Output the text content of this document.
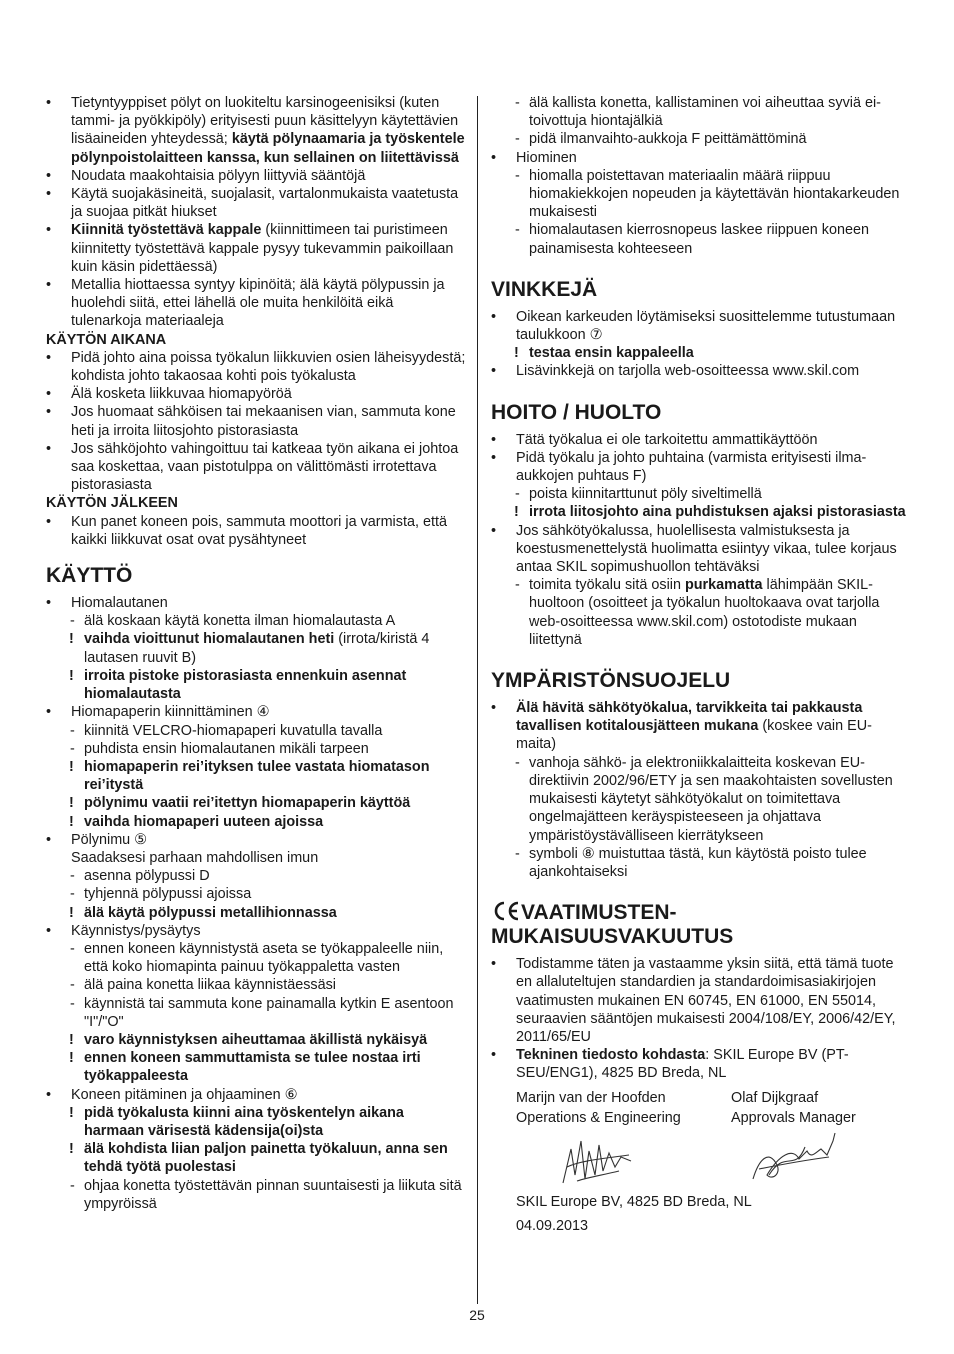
• Tietyntyyppiset pölyt on luokiteltu karsinogeenisiksi (kuten tammi- ja pyökkipöly) erityisesti puun käsittelyyn käytettävien lisäaineiden yhteydessä; käytä pölynaamaria ja työskentele pölynpoistolaitteen kanssa, kun sellainen on liitettävissä
• Noudata maakohtaisia pölyyn liittyviä sääntöjä
• Käytä suojakäsineitä, suojalasit, vartalonmukaista vaatetusta ja suojaa pitkät hiukset
• Kiinnitä työstettävä kappale (kiinnittimeen tai puristimeen kiinnitetty työstettävä kappale pysyy tukevammin paikoillaan kuin käsin pidettäessä)
• Metallia hiottaessa syntyy kipinöitä; älä käytä pölypussin ja huolehdi siitä, ettei lähellä ole muita henkilöitä eikä tulenarkoja materiaaleja
KÄYTÖN AIKANA
• Pidä johto aina poissa työkalun liikkuvien osien läheisyydestä; kohdista johto takaosaa kohti pois työkalusta
• Älä kosketa liikkuvaa hiomapyöröä
• Jos huomaat sähköisen tai mekaanisen vian, sammuta kone heti ja irroita liitosjohto pistorasiasta
• Jos sähköjohto vahingoittuu tai katkeaa työn aikana ei johtoa saa koskettaa, vaan pistotulppa on välittömästi irrotettava pistorasiasta
KÄYTÖN JÄLKEEN
• Kun panet koneen pois, sammuta moottori ja varmista, että kaikki liikkuvat osat ovat pysähtyneet
KÄYTTÖ
• Hiomalautanen
- älä koskaan käytä konetta ilman hiomalautasta A
! vaihda vioittunut hiomalautanen heti (irrota/kiristä 4 lautasen ruuvit B)
! irroita pistoke pistorasiasta ennenkuin asennat hiomalautasta
• Hiomapaperin kiinnittäminen ④
- kiinnitä VELCRO-hiomapaperi kuvatulla tavalla
- puhdista ensin hiomalautanen mikäli tarpeen
! hiomapaperin rei’ityksen tulee vastata hiomatason rei’itystä
! pölynimu vaatii rei’itettyn hiomapaperin käyttöä
! vaihda hiomapaperi uuteen ajoissa
• Pölynimu ⑤
Saadaksesi parhaan mahdollisen imun
- asenna pölypussi D
- tyhjennä pölypussi ajoissa
! älä käytä pölypussi metallihionnassa
• Käynnistys/pysäytys
- ennen koneen käynnistystä aseta se työkappaleelle niin, että koko hiomapinta painuu työkappaletta vasten
- älä paina konetta liikaa käynnistäessäsi
- käynnistä tai sammuta kone painamalla kytkin E asentoon "I"/"O"
! varo käynnistyksen aiheuttamaa äkillistä nykäisyä
! ennen koneen sammuttamista se tulee nostaa irti työkappaleesta
• Koneen pitäminen ja ohjaaminen ⑥
! pidä työkalusta kiinni aina työskentelyn aikana harmaan värisestä kädensija(oi)sta
! älä kohdista liian paljon painetta työkaluun, anna sen tehdä työtä puolestasi
- ohjaa konetta työstettävän pinnan suuntaisesti ja liikuta sitä ympyröissä
- älä kallista konetta, kallistaminen voi aiheuttaa syviä ei-toivottuja hiontajälkiä
- pidä ilmanvaihto-aukkoja F peittämättöminä
• Hiominen
- hiomalla poistettavan materiaalin määrä riippuu hiomakiekkojen nopeuden ja käytettävän hiontakarkeuden mukaisesti
- hiomalautasen kierrosnopeus laskee riippuen koneen painamisesta kohteeseen
VINKKEJÄ
• Oikean karkeuden löytämiseksi suosittelemme tutustumaan taulukkoon ⑦
! testaa ensin kappaleella
• Lisävinkkejä on tarjolla web-osoitteessa www.skil.com
HOITO / HUOLTO
• Tätä työkalua ei ole tarkoitettu ammattikäyttöön
• Pidä työkalu ja johto puhtaina (varmista erityisesti ilma-aukkojen puhtaus F)
- poista kiinnitarttunut pöly siveltimellä
! irrota liitosjohto aina puhdistuksen ajaksi pistorasiasta
• Jos sähkötyökalussa, huolellisesta valmistuksesta ja koestusmenettelystä huolimatta esiintyy vikaa, tulee korjaus antaa SKIL sopimushuollon tehtäväksi
- toimita työkalu sitä osiin purkamatta lähimpään SKIL-huoltoon (osoitteet ja työkalun huoltokaava ovat tarjolla web-osoitteessa www.skil.com) ostotodiste mukaan liitettynä
YMPÄRISTÖNSUOJELU
• Älä hävitä sähkötyökalua, tarvikkeita tai pakkausta tavallisen kotitalousjätteen mukana (koskee vain EU-maita)
- vanhoja sähkö- ja elektroniikkalaitteita koskevan EU-direktiivin 2002/96/ETY ja sen maakohtaisten sovellusten mukaisesti käytetyt sähkötyökalut on toimitettava ongelmajätteen keräyspisteeseen ja ohjattava ympäristöystävälliseen kierrätykseen
- symboli ⑧ muistuttaa tästä, kun käytöstä poisto tulee ajankohtaiseksi
VAATIMUSTEN-
MUKAISUUSVAKUUTUS
• Todistamme täten ja vastaamme yksin siitä, että tämä tuote en allaluteltujen standardien ja standardoimisasiakirjojen vaatimusten mukainen EN 60745, EN 61000, EN 55014, seuraavien sääntöjen mukaisesti 2004/108/EY, 2006/42/EY, 2011/65/EU
• Tekninen tiedosto kohdasta: SKIL Europe BV (PT-SEU/ENG1), 4825 BD Breda, NL
Marijn van der Hoofden
Operations & Engineering
Olaf Dijkgraaf
Approvals Manager
SKIL Europe BV, 4825 BD Breda, NL
04.09.2013
25
